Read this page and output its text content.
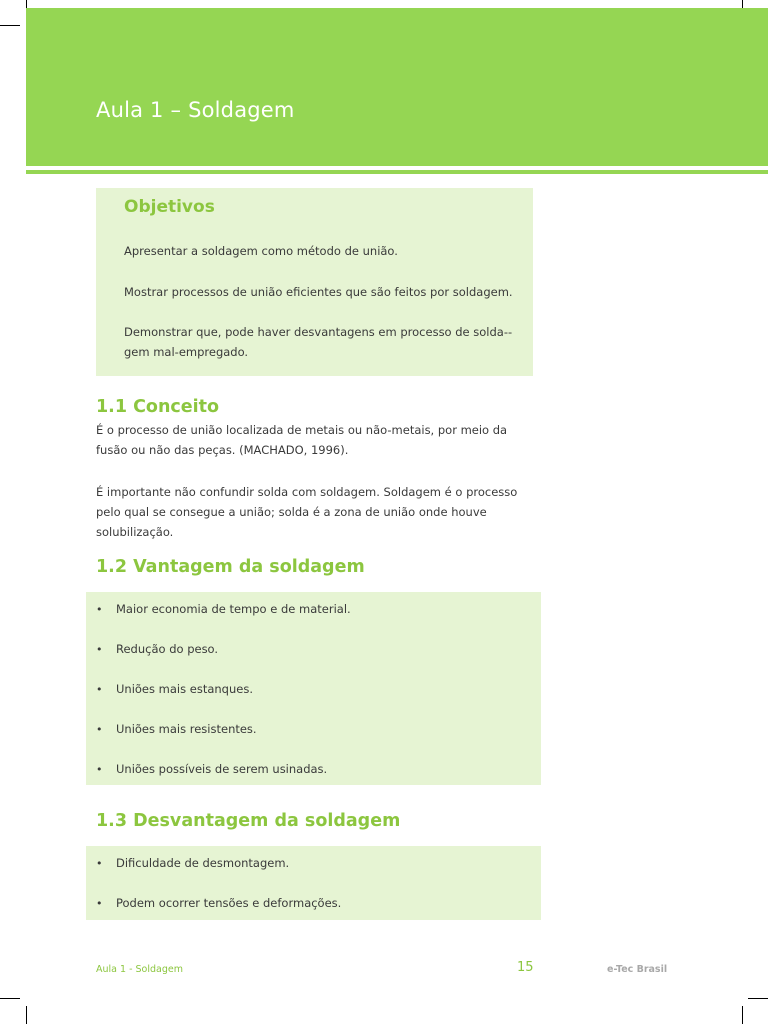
Aula 1 – Soldagem
Objetivos
Apresentar a soldagem como método de união.
Mostrar processos de união eficientes que são feitos por soldagem.
Demonstrar que, pode haver desvantagens em processo de solda-gem mal-empregado.
1.1 Conceito
É o processo de união localizada de metais ou não-metais, por meio da fusão ou não das peças. (MACHADO, 1996).
É importante não confundir solda com soldagem. Soldagem é o processo pelo qual se consegue a união; solda é a zona de união onde houve solubilização.
1.2 Vantagem da soldagem
• Maior economia de tempo e de material.
• Redução do peso.
• Uniões mais estanques.
• Uniões mais resistentes.
• Uniões possíveis de serem usinadas.
1.3 Desvantagem da soldagem
• Dificuldade de desmontagem.
• Podem ocorrer tensões e deformações.
Aula 1 - Soldagem	15	e-Tec Brasil
